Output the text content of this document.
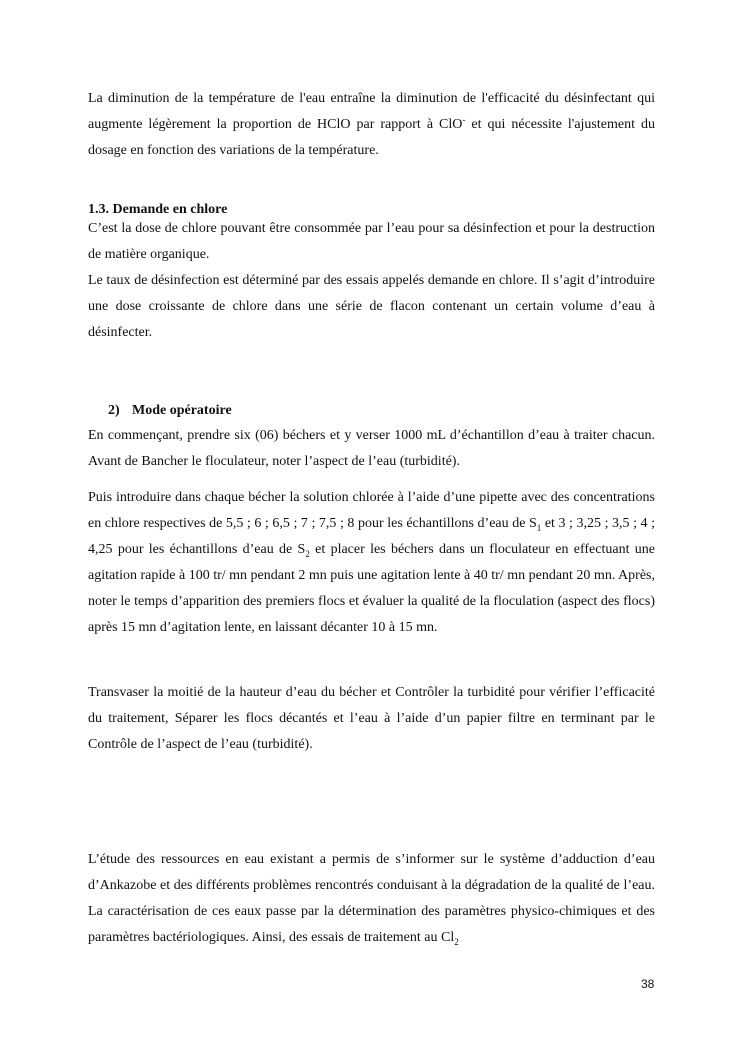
La diminution de la température de l'eau entraîne la diminution de l'efficacité du désinfectant qui augmente légèrement la proportion de HClO par rapport à ClO- et qui nécessite l'ajustement du dosage en fonction des variations de la température.
1.3. Demande en chlore
C’est la dose de chlore pouvant être consommée par l’eau pour sa désinfection et pour la destruction de matière organique.
Le taux de désinfection est déterminé par des essais appelés demande en chlore. Il s’agit d’introduire une dose croissante de chlore dans une série de flacon contenant un certain volume d’eau à désinfecter.
2) Mode opératoire
En commençant, prendre six (06) béchers et y verser 1000 mL d’échantillon d’eau à traiter chacun. Avant de Bancher le floculateur, noter l’aspect de l’eau (turbidité).
Puis introduire dans chaque bécher la solution chlorée à l’aide d’une pipette avec des concentrations en chlore respectives de 5,5 ; 6 ; 6,5 ; 7 ; 7,5 ; 8 pour les échantillons d’eau de $S_1$ et 3 ; 3,25 ; 3,5 ; 4 ; 4,25 pour les échantillons d’eau de $S_2$ et placer les béchers dans un floculateur en effectuant une agitation rapide à 100 tr/ mn pendant 2 mn puis une agitation lente à 40 tr/ mn pendant 20 mn. Après, noter le temps d’apparition des premiers flocs et évaluer la qualité de la floculation (aspect des flocs) après 15 mn d’agitation lente, en laissant décanter 10 à 15 mn.
Transvaser la moitié de la hauteur d’eau du bécher et Contrôler la turbidité pour vérifier l’efficacité du traitement, Séparer les flocs décantés et l’eau à l’aide d’un papier filtre en terminant par le Contrôle de l’aspect de l’eau (turbidité).
L’étude des ressources en eau existant a permis de s’informer sur le système d’adduction d’eau d’Ankazobe et des différents problèmes rencontrés conduisant à la dégradation de la qualité de l’eau. La caractérisation de ces eaux passe par la détermination des paramètres physico-chimiques et des paramètres bactériologiques. Ainsi, des essais de traitement au $Cl_2$
38
